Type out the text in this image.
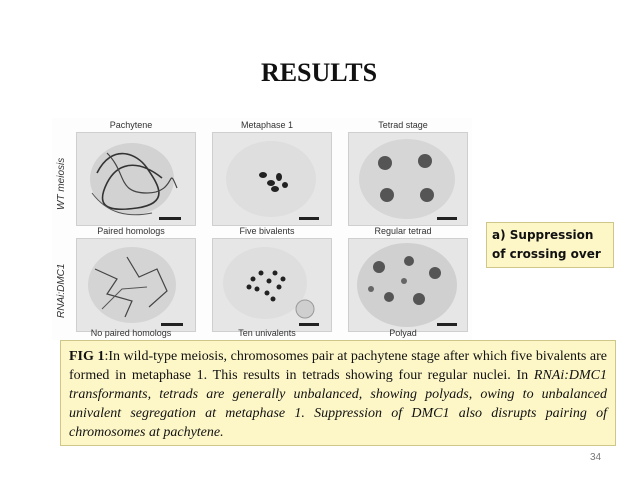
RESULTS
Pachytene	Metaphase 1	Tetrad stage
WT meiosis
RNAi:DMC1
Paired homologs	Five bivalents	Regular tetrad
No paired homologs	Ten univalents	Polyad
a) Suppression of crossing over
FIG 1:In wild-type meiosis, chromosomes pair at pachytene stage after which five bivalents are formed in metaphase 1. This results in tetrads showing four regular nuclei. In RNAi:DMC1 transformants, tetrads are generally unbalanced, showing polyads, owing to unbalanced univalent segregation at metaphase 1. Suppression of DMC1 also disrupts pairing of chromosomes at pachytene.
34
